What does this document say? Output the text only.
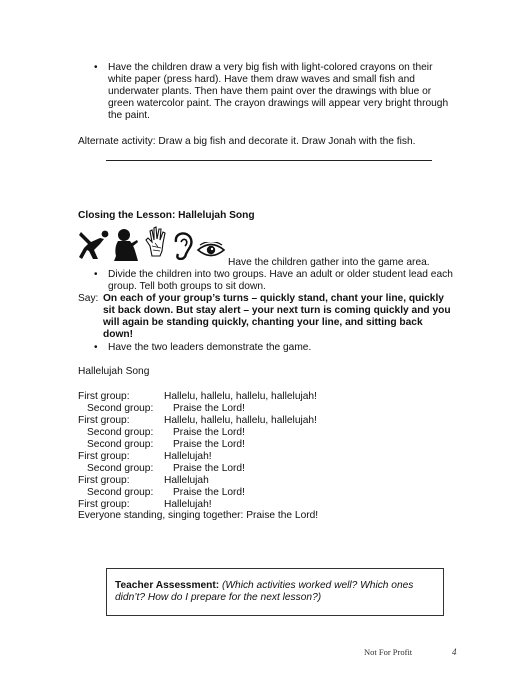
•	Have the children draw a very big fish with light-colored crayons on their white paper (press hard). Have them draw waves and small fish and underwater plants. Then have them paint over the drawings with blue or green watercolor paint. The crayon drawings will appear very bright through the paint.
Alternate activity: Draw a big fish and decorate it. Draw Jonah with the fish.
Closing the Lesson: Hallelujah Song
Have the children gather into the game area.
•	Divide the children into two groups. Have an adult or older student lead each group. Tell both groups to sit down.
Say: On each of your group’s turns – quickly stand, chant your line, quickly sit back down. But stay alert – your next turn is coming quickly and you will again be standing quickly, chanting your line, and sitting back down!
•	Have the two leaders demonstrate the game.
Hallelujah Song
First group:	Hallelu, hallelu, hallelu, hallelujah!
Second group: Praise the Lord!
First group:	Hallelu, hallelu, hallelu, hallelujah!
Second group: Praise the Lord!
Second group: Praise the Lord!
First group:	Hallelujah!
Second group: Praise the Lord!
First group:	Hallelujah
Second group: Praise the Lord!
First group:	Hallelujah!
Everyone standing, singing together: Praise the Lord!
Teacher Assessment: (Which activities worked well? Which ones didn’t? How do I prepare for the next lesson?)
Not For Profit	4
